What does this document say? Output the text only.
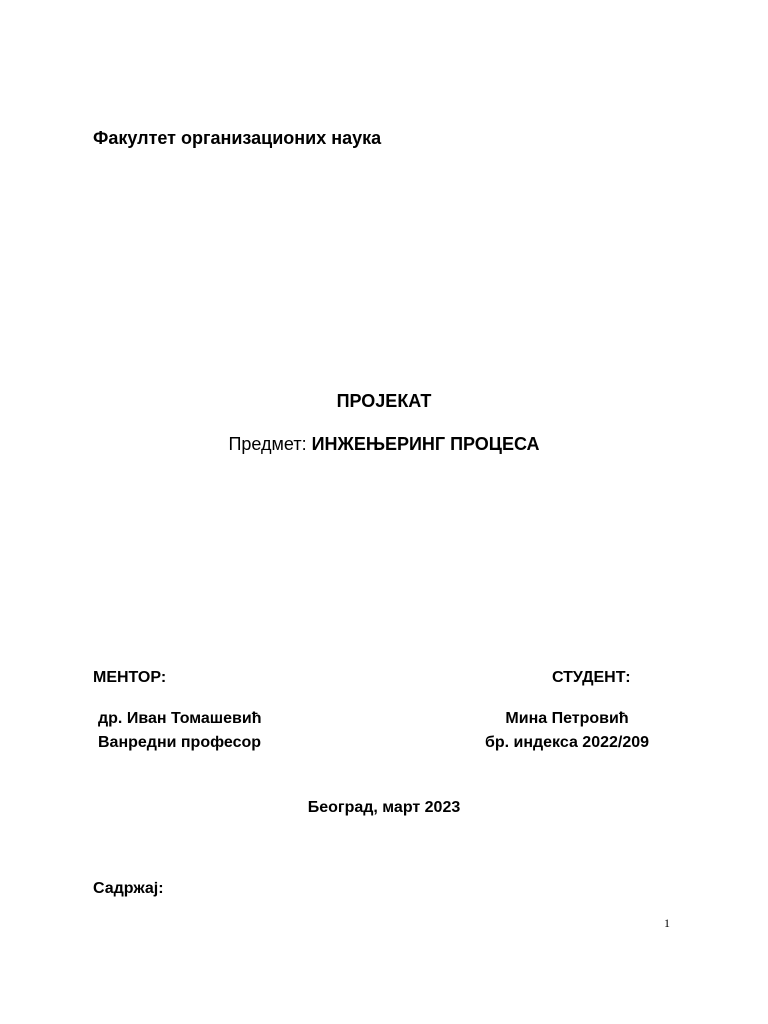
Факултет организационих наука
ПРОЈЕКАТ
Предмет: ИНЖЕЊЕРИНГ ПРОЦЕСА
МЕНТОР:	СТУДЕНТ:
др. Иван Томашевић
Ванредни професор
Мина Петровић
бр. индекса 2022/209
Београд, март 2023
Садржај:
1
